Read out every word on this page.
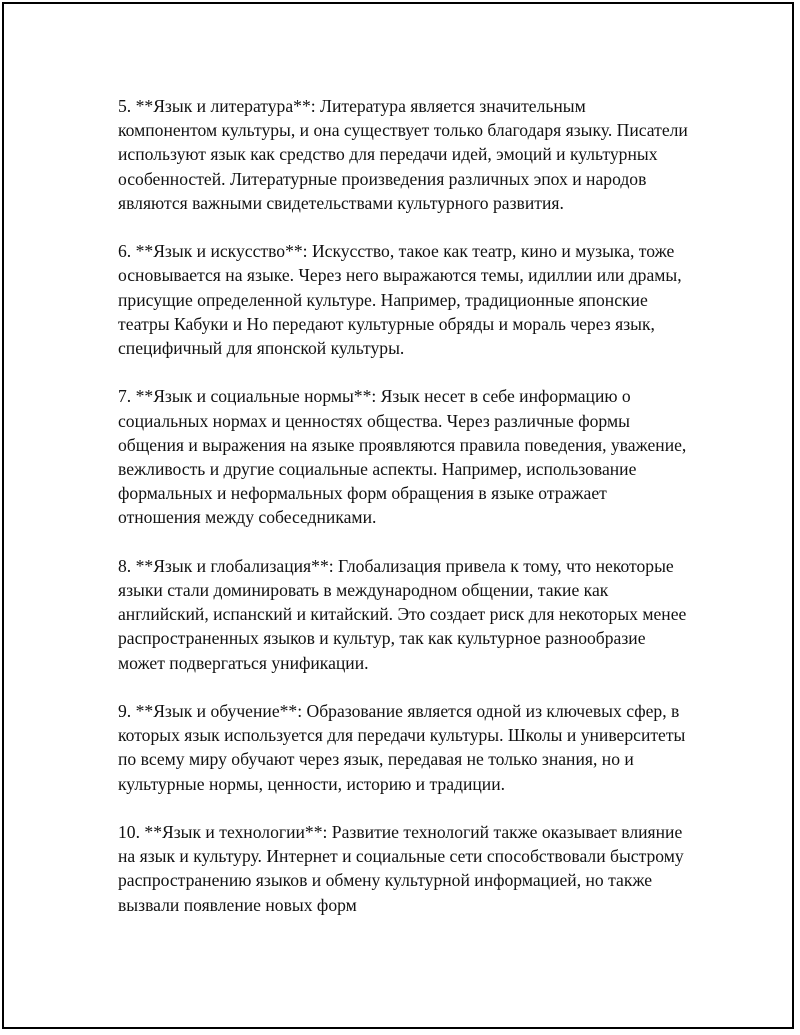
5. **Язык и литература**: Литература является значительным компонентом культуры, и она существует только благодаря языку. Писатели используют язык как средство для передачи идей, эмоций и культурных особенностей. Литературные произведения различных эпох и народов являются важными свидетельствами культурного развития.

6. **Язык и искусство**: Искусство, такое как театр, кино и музыка, тоже основывается на языке. Через него выражаются темы, идиллии или драмы, присущие определенной культуре. Например, традиционные японские театры Кабуки и Но передают культурные обряды и мораль через язык, специфичный для японской культуры.

7. **Язык и социальные нормы**: Язык несет в себе информацию о социальных нормах и ценностях общества. Через различные формы общения и выражения на языке проявляются правила поведения, уважение, вежливость и другие социальные аспекты. Например, использование формальных и неформальных форм обращения в языке отражает отношения между собеседниками.

8. **Язык и глобализация**: Глобализация привела к тому, что некоторые языки стали доминировать в международном общении, такие как английский, испанский и китайский. Это создает риск для некоторых менее распространенных языков и культур, так как культурное разнообразие может подвергаться унификации.

9. **Язык и обучение**: Образование является одной из ключевых сфер, в которых язык используется для передачи культуры. Школы и университеты по всему миру обучают через язык, передавая не только знания, но и культурные нормы, ценности, историю и традиции.

10. **Язык и технологии**: Развитие технологий также оказывает влияние на язык и культуру. Интернет и социальные сети способствовали быстрому распространению языков и обмену культурной информацией, но также вызвали появление новых форм
